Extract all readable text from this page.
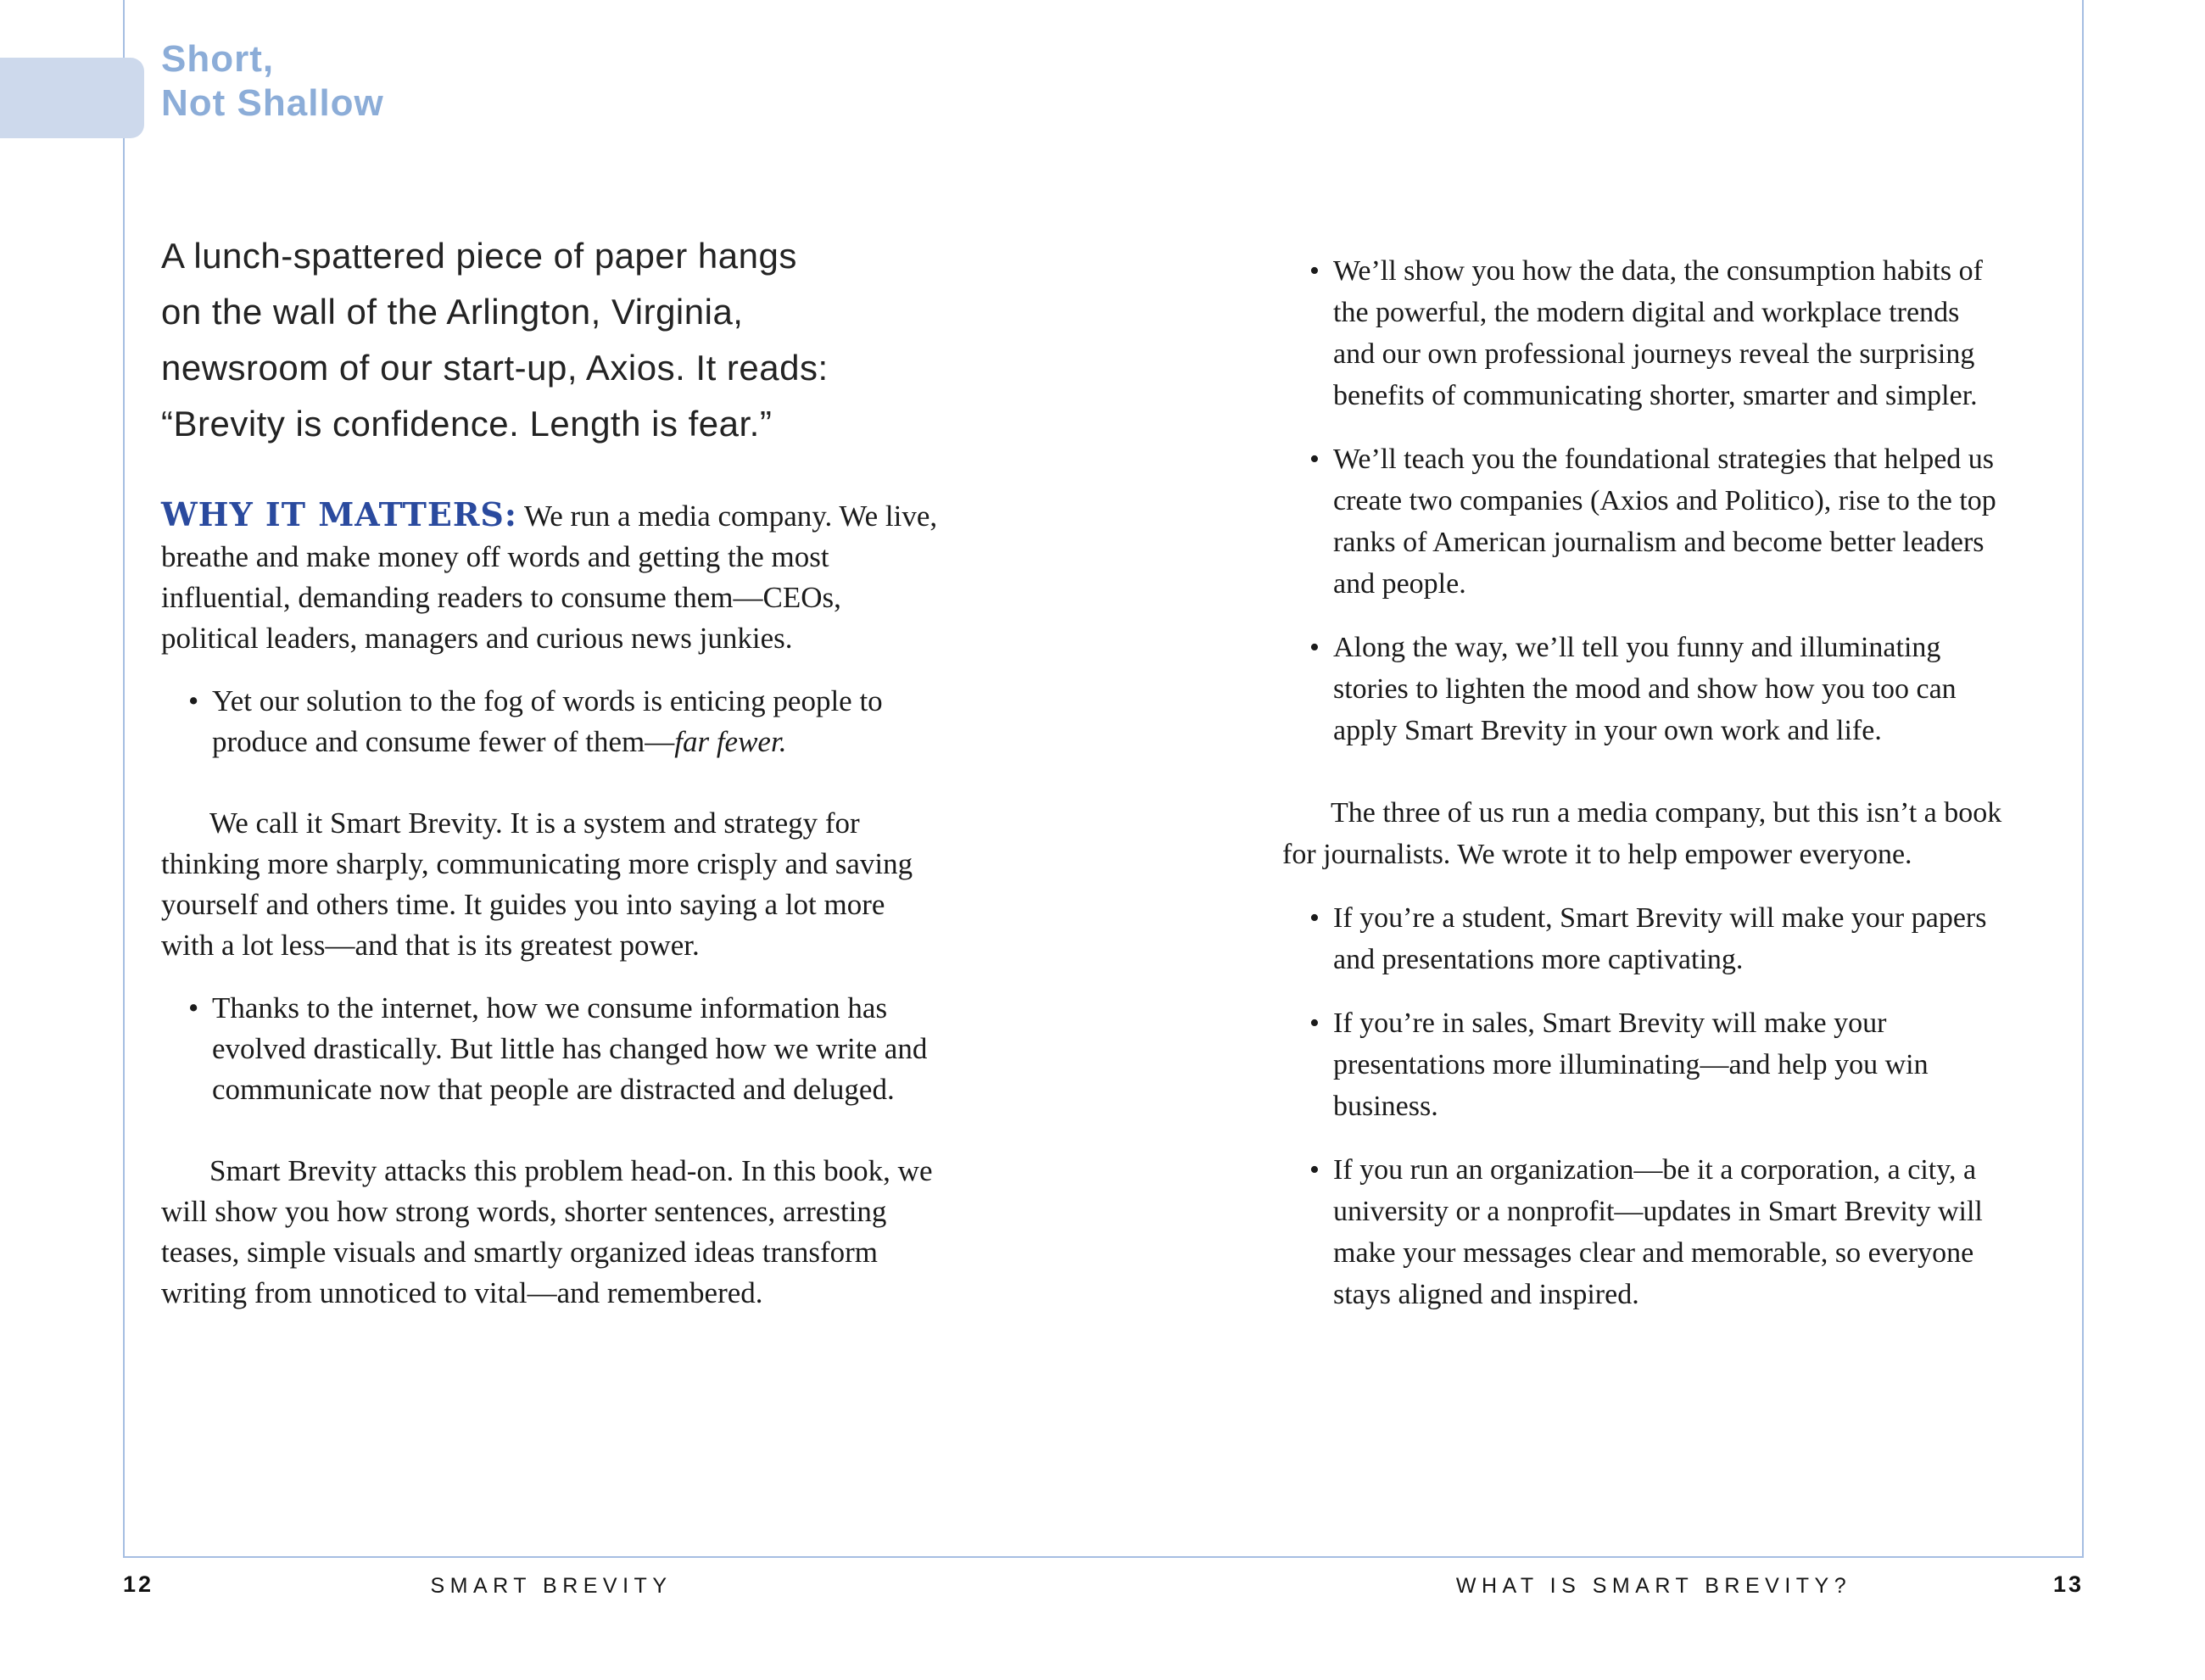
Short,
Not Shallow
A lunch-spattered piece of paper hangs
on the wall of the Arlington, Virginia,
newsroom of our start-up, Axios. It reads:
“Brevity is confidence. Length is fear.”

WHY IT MATTERS: We run a media company. We live, breathe and make money off words and getting the most influential, demanding readers to consume them—CEOs, political leaders, managers and curious news junkies.

• Yet our solution to the fog of words is enticing people to produce and consume fewer of them—far fewer.

We call it Smart Brevity. It is a system and strategy for thinking more sharply, communicating more crisply and saving yourself and others time. It guides you into saying a lot more with a lot less—and that is its greatest power.

• Thanks to the internet, how we consume information has evolved drastically. But little has changed how we write and communicate now that people are distracted and deluged.

Smart Brevity attacks this problem head-on. In this book, we will show you how strong words, shorter sentences, arresting teases, simple visuals and smartly organized ideas transform writing from unnoticed to vital—and remembered.

• We’ll show you how the data, the consumption habits of the powerful, the modern digital and workplace trends and our own professional journeys reveal the surprising benefits of communicating shorter, smarter and simpler.
• We’ll teach you the foundational strategies that helped us create two companies (Axios and Politico), rise to the top ranks of American journalism and become better leaders and people.
• Along the way, we’ll tell you funny and illuminating stories to lighten the mood and show how you too can apply Smart Brevity in your own work and life.

The three of us run a media company, but this isn’t a book for journalists. We wrote it to help empower everyone.

• If you’re a student, Smart Brevity will make your papers and presentations more captivating.
• If you’re in sales, Smart Brevity will make your presentations more illuminating—and help you win business.
• If you run an organization—be it a corporation, a city, a university or a nonprofit—updates in Smart Brevity will make your messages clear and memorable, so everyone stays aligned and inspired.
12	SMART BREVITY	WHAT IS SMART BREVITY?	13
